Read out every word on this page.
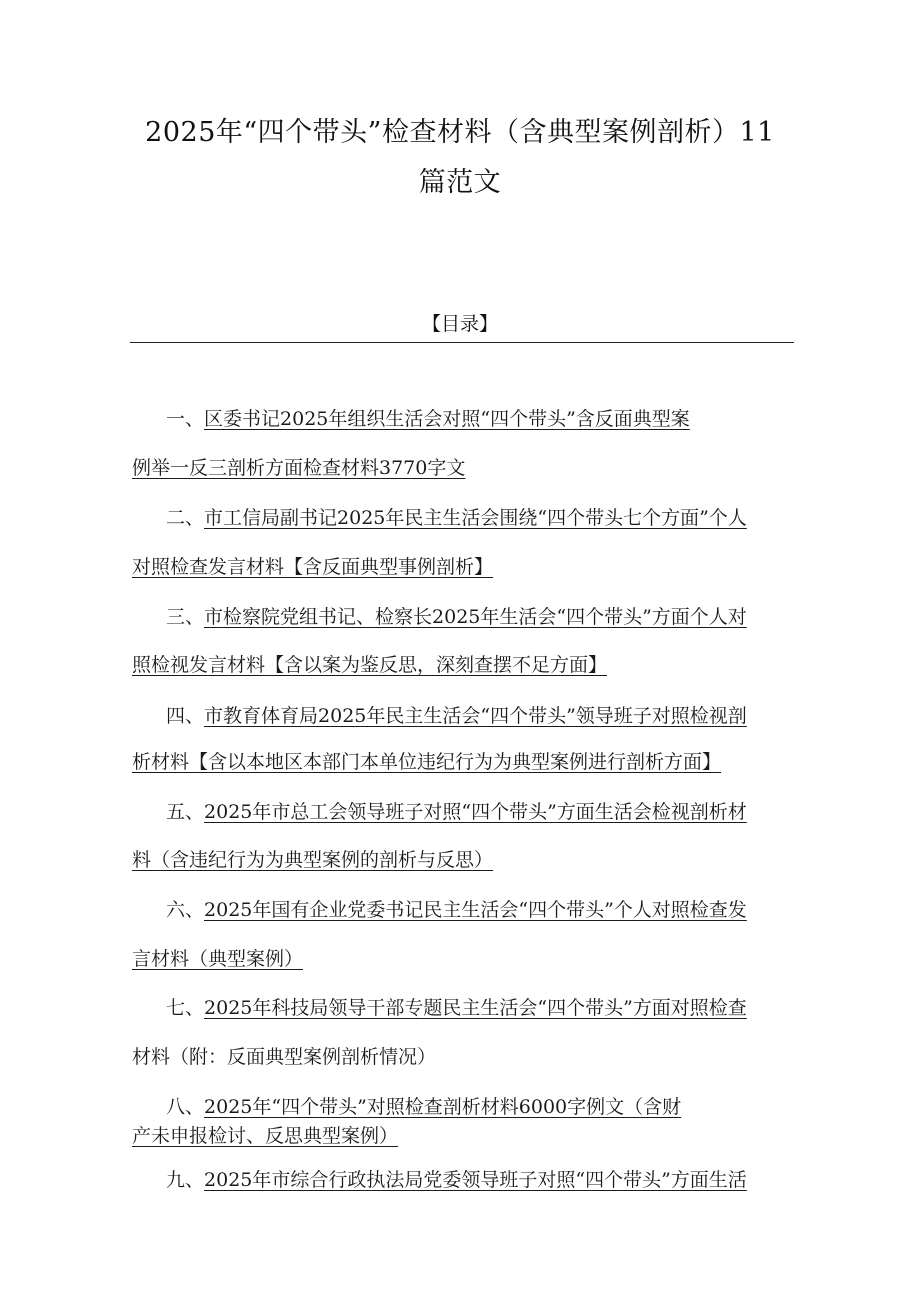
2025年“四个带头”检查材料（含典型案例剖析）11
篇范文
【目录】
一、区委书记2025年组织生活会对照“四个带头”含反面典型案
例举一反三剖析方面检查材料3770字文
二、市工信局副书记2025年民主生活会围绕“四个带头七个方面”个人
对照检查发言材料【含反面典型事例剖析】
三、市检察院党组书记、检察长2025年生活会“四个带头”方面个人对
照检视发言材料【含以案为鉴反思，深刻查摆不足方面】
四、市教育体育局2025年民主生活会“四个带头”领导班子对照检视剖
析材料【含以本地区本部门本单位违纪行为为典型案例进行剖析方面】
五、2025年市总工会领导班子对照“四个带头”方面生活会检视剖析材
料（含违纪行为为典型案例的剖析与反思）
六、2025年国有企业党委书记民主生活会“四个带头”个人对照检查发
言材料（典型案例）
七、2025年科技局领导干部专题民主生活会“四个带头”方面对照检查
材料（附：反面典型案例剖析情况）
八、2025年“四个带头”对照检查剖析材料6000字例文（含财
产未申报检讨、反思典型案例）
九、2025年市综合行政执法局党委领导班子对照“四个带头”方面生活
